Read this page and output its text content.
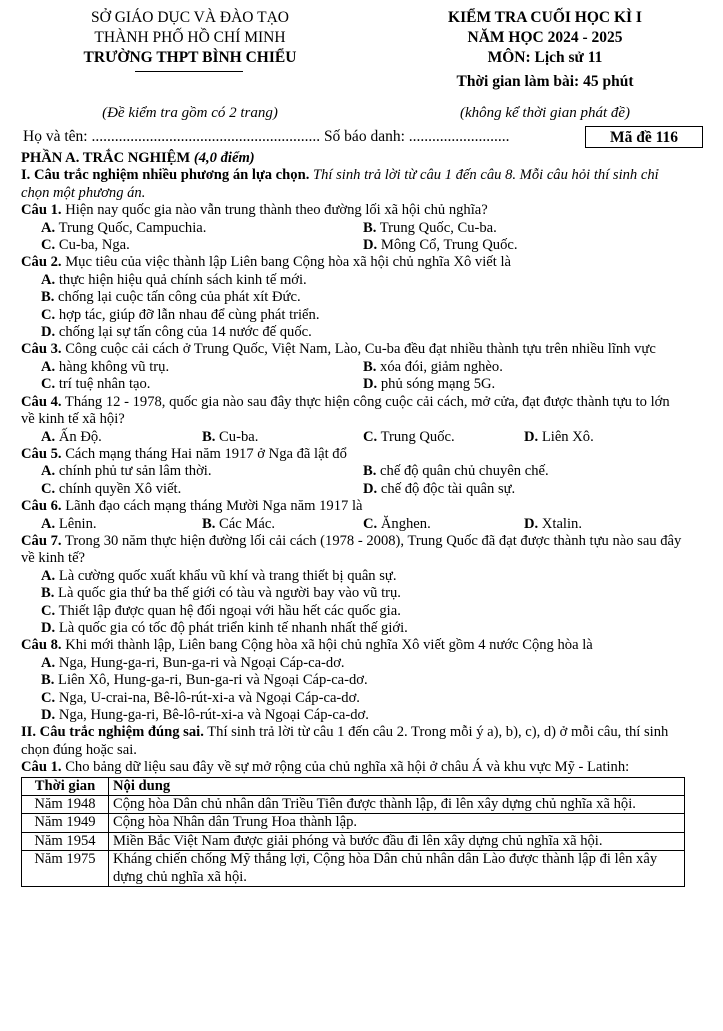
SỞ GIÁO DỤC VÀ ĐÀO TẠO
THÀNH PHỐ HỒ CHÍ MINH
TRƯỜNG THPT BÌNH CHIỂU
KIỂM TRA CUỐI HỌC KÌ I
NĂM HỌC 2024 - 2025
MÔN: Lịch sử 11
Thời gian làm bài: 45 phút
(Đề kiểm tra gồm có 2 trang)	(không kể thời gian phát đề)
Họ và tên: ........................................................... Số báo danh: ..........................	Mã đề 116
PHẦN A. TRẮC NGHIỆM (4,0 điểm)
I. Câu trắc nghiệm nhiều phương án lựa chọn. Thí sinh trả lời từ câu 1 đến câu 8. Mỗi câu hỏi thí sinh chỉ chọn một phương án.
Câu 1. Hiện nay quốc gia nào vẫn trung thành theo đường lối xã hội chủ nghĩa?
A. Trung Quốc, Campuchia.	B. Trung Quốc, Cu-ba.
C. Cu-ba, Nga.	D. Mông Cổ, Trung Quốc.
Câu 2. Mục tiêu của việc thành lập Liên bang Cộng hòa xã hội chủ nghĩa Xô viết là
A. thực hiện hiệu quả chính sách kinh tế mới.
B. chống lại cuộc tấn công của phát xít Đức.
C. hợp tác, giúp đỡ lẫn nhau để cùng phát triển.
D. chống lại sự tấn công của 14 nước đế quốc.
Câu 3. Công cuộc cải cách ở Trung Quốc, Việt Nam, Lào, Cu-ba đều đạt nhiều thành tựu trên nhiều lĩnh vực
A. hàng không vũ trụ.	B. xóa đói, giảm nghèo.
C. trí tuệ nhân tạo.	D. phủ sóng mạng 5G.
Câu 4. Tháng 12 - 1978, quốc gia nào sau đây thực hiện công cuộc cải cách, mở cửa, đạt được thành tựu to lớn về kinh tế xã hội?
A. Ấn Độ.	B. Cu-ba.	C. Trung Quốc.	D. Liên Xô.
Câu 5. Cách mạng tháng Hai năm 1917 ở Nga đã lật đổ
A. chính phủ tư sản lâm thời.	B. chế độ quân chủ chuyên chế.
C. chính quyền Xô viết.	D. chế độ độc tài quân sự.
Câu 6. Lãnh đạo cách mạng tháng Mười Nga năm 1917 là
A. Lênin.	B. Các Mác.	C. Ănghen.	D. Xtalin.
Câu 7. Trong 30 năm thực hiện đường lối cải cách (1978 - 2008), Trung Quốc đã đạt được thành tựu nào sau đây về kinh tế?
A. Là cường quốc xuất khẩu vũ khí và trang thiết bị quân sự.
B. Là quốc gia thứ ba thế giới có tàu và người bay vào vũ trụ.
C. Thiết lập được quan hệ đối ngoại với hầu hết các quốc gia.
D. Là quốc gia có tốc độ phát triển kinh tế nhanh nhất thế giới.
Câu 8. Khi mới thành lập, Liên bang Cộng hòa xã hội chủ nghĩa Xô viết gồm 4 nước Cộng hòa là
A. Nga, Hung-ga-ri, Bun-ga-ri và Ngoại Cáp-ca-dơ.
B. Liên Xô, Hung-ga-ri, Bun-ga-ri và Ngoại Cáp-ca-dơ.
C. Nga, U-crai-na, Bê-lô-rút-xi-a và Ngoại Cáp-ca-dơ.
D. Nga, Hung-ga-ri, Bê-lô-rút-xi-a và Ngoại Cáp-ca-dơ.
II. Câu trắc nghiệm đúng sai. Thí sinh trả lời từ câu 1 đến câu 2. Trong mỗi ý a), b), c), d) ở mỗi câu, thí sinh chọn đúng hoặc sai.
Câu 1. Cho bảng dữ liệu sau đây về sự mở rộng của chủ nghĩa xã hội ở châu Á và khu vực Mỹ - Latinh:
Thời gian	Nội dung
Năm 1948	Cộng hòa Dân chủ nhân dân Triều Tiên được thành lập, đi lên xây dựng chủ nghĩa xã hội.
Năm 1949	Cộng hòa Nhân dân Trung Hoa thành lập.
Năm 1954	Miền Bắc Việt Nam được giải phóng và bước đầu đi lên xây dựng chủ nghĩa xã hội.
Năm 1975	Kháng chiến chống Mỹ thắng lợi, Cộng hòa Dân chủ nhân dân Lào được thành lập đi lên xây dựng chủ nghĩa xã hội.
